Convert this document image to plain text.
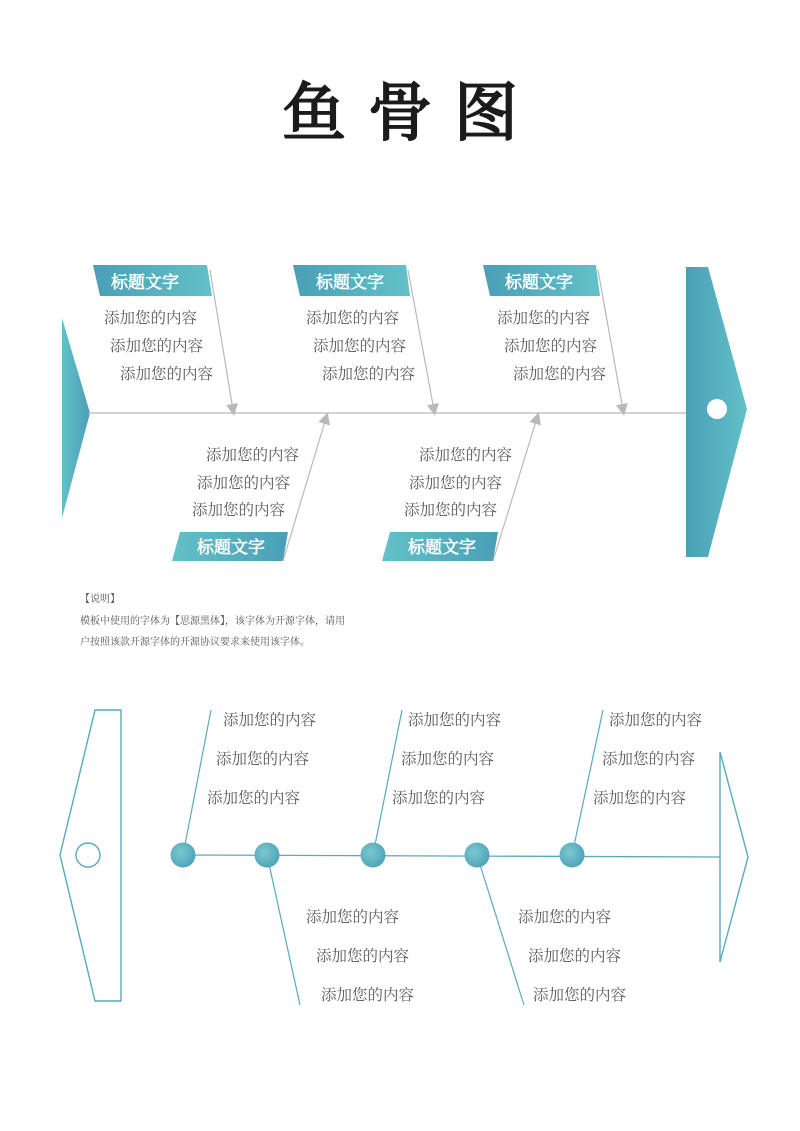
鱼骨图
标题文字	标题文字	标题文字
标题文字	标题文字
添加您的内容
添加您的内容
添加您的内容
添加您的内容
添加您的内容
添加您的内容
添加您的内容
添加您的内容
添加您的内容
添加您的内容
添加您的内容
添加您的内容
添加您的内容
添加您的内容
添加您的内容
【说明】
模板中使用的字体为【思源黑体】，该字体为开源字体，请用
户按照该款开源字体的开源协议要求来使用该字体。
添加您的内容
添加您的内容
添加您的内容
添加您的内容
添加您的内容
添加您的内容
添加您的内容
添加您的内容
添加您的内容
添加您的内容
添加您的内容
添加您的内容
添加您的内容
添加您的内容
添加您的内容
